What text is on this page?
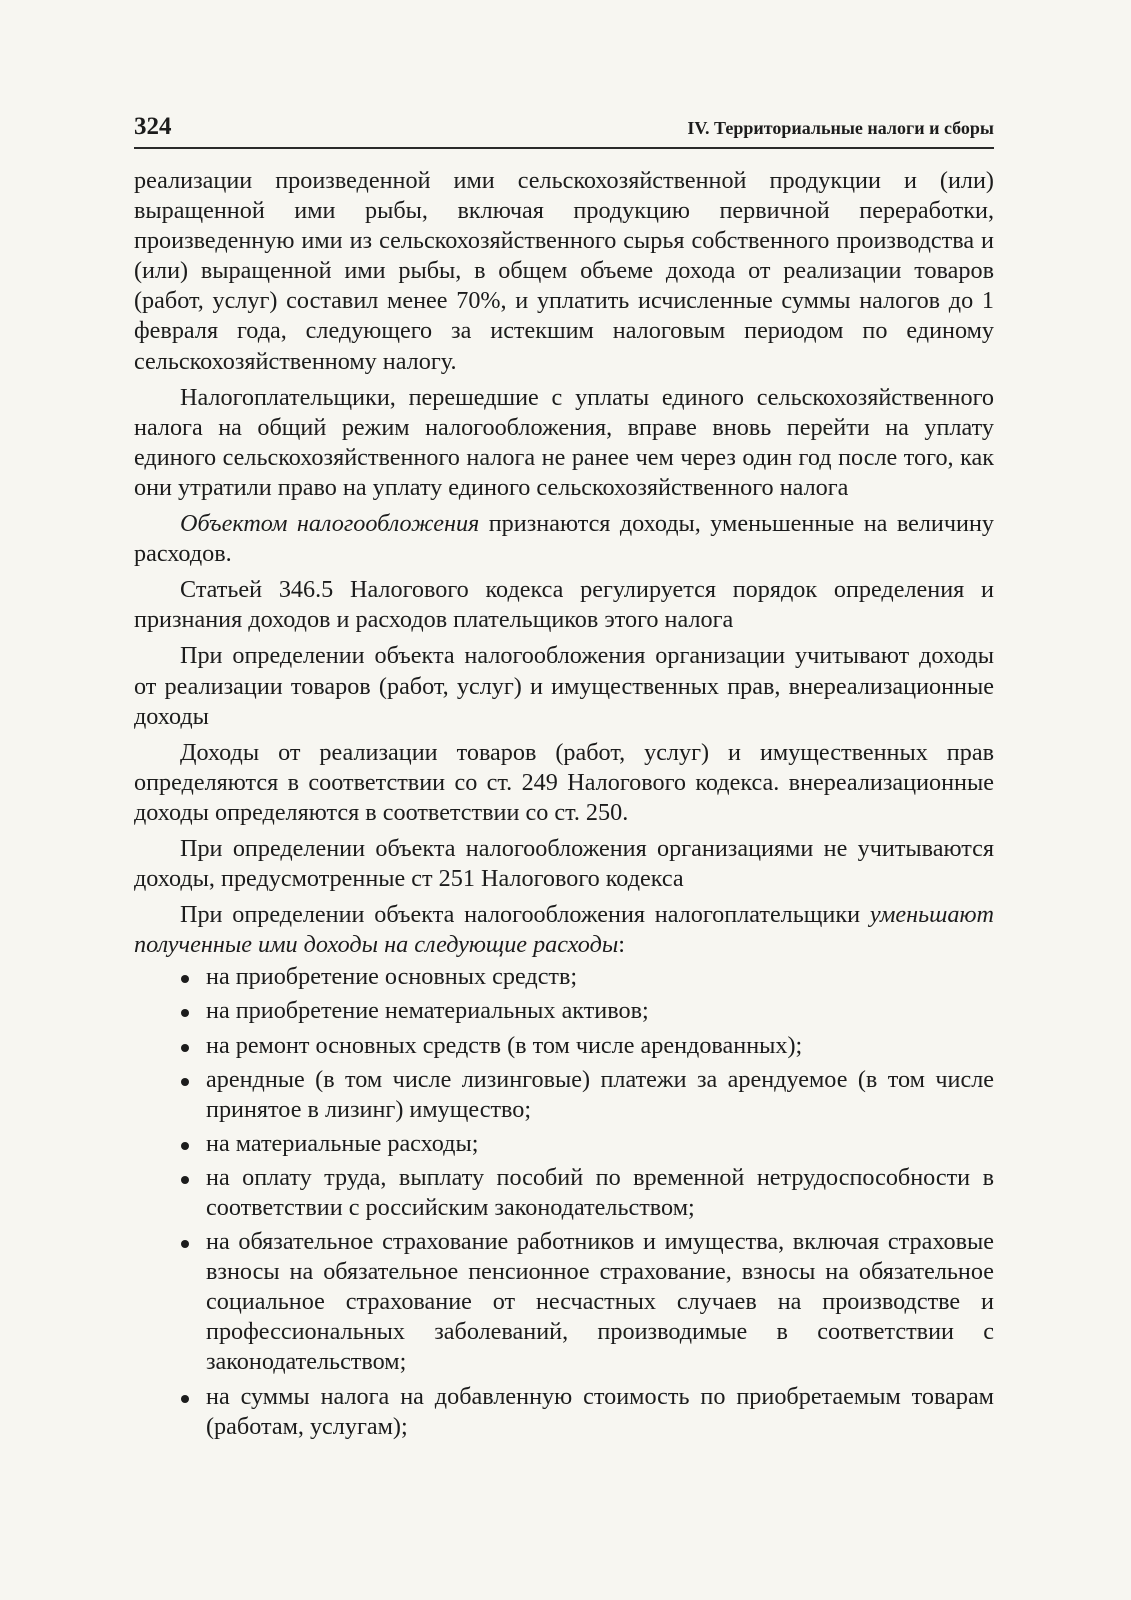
324	IV. Территориальные налоги и сборы

реализации произведенной ими сельскохозяйственной продукции и (или) выращенной ими рыбы, включая продукцию первичной переработки, произведенную ими из сельскохозяйственного сырья собственного производства и (или) выращенной ими рыбы, в общем объеме дохода от реализации товаров (работ, услуг) составил менее 70%, и уплатить исчисленные суммы налогов до 1 февраля года, следующего за истекшим налоговым периодом по единому сельскохозяйственному налогу.

Налогоплательщики, перешедшие с уплаты единого сельскохозяйственного налога на общий режим налогообложения, вправе вновь перейти на уплату единого сельскохозяйственного налога не ранее чем через один год после того, как они утратили право на уплату единого сельскохозяйственного налога

Объектом налогообложения признаются доходы, уменьшенные на величину расходов.

Статьей 346.5 Налогового кодекса регулируется порядок определения и признания доходов и расходов плательщиков этого налога

При определении объекта налогообложения организации учитывают доходы от реализации товаров (работ, услуг) и имущественных прав, внереализационные доходы

Доходы от реализации товаров (работ, услуг) и имущественных прав определяются в соответствии со ст. 249 Налогового кодекса. внереализационные доходы определяются в соответствии со ст. 250.

При определении объекта налогообложения организациями не учитываются доходы, предусмотренные ст 251 Налогового кодекса

При определении объекта налогообложения налогоплательщики уменьшают полученные ими доходы на следующие расходы:

на приобретение основных средств;
на приобретение нематериальных активов;
на ремонт основных средств (в том числе арендованных);
арендные (в том числе лизинговые) платежи за арендуемое (в том числе принятое в лизинг) имущество;
на материальные расходы;
на оплату труда, выплату пособий по временной нетрудоспособности в соответствии с российским законодательством;
на обязательное страхование работников и имущества, включая страховые взносы на обязательное пенсионное страхование, взносы на обязательное социальное страхование от несчастных случаев на производстве и профессиональных заболеваний, производимые в соответствии с законодательством;
на суммы налога на добавленную стоимость по приобретаемым товарам (работам, услугам);
